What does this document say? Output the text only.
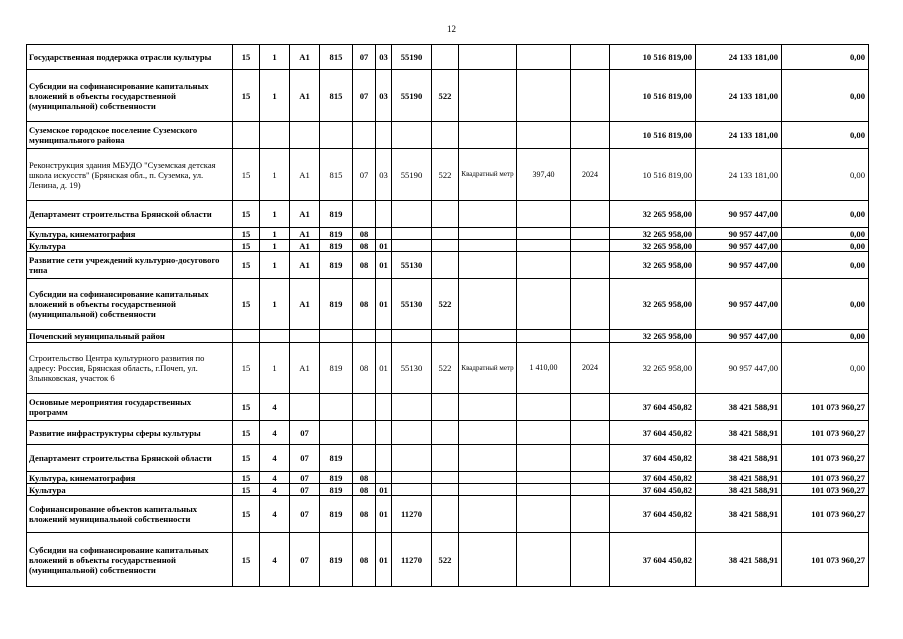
12
Государственная поддержка отрасли культуры	15	1	А1	815	07	03	55190					10 516 819,00	24 133 181,00	0,00
Субсидии на софинансирование капитальных вложений в объекты государственной (муниципальной) собственности	15	1	А1	815	07	03	55190	522				10 516 819,00	24 133 181,00	0,00
Суземское городское поселение Суземского муниципального района												10 516 819,00	24 133 181,00	0,00
Реконструкция здания МБУДО "Суземская детская школа искусств" (Брянская обл., п. Суземка, ул. Ленина, д. 19)	15	1	А1	815	07	03	55190	522	Квадратный метр	397,40	2024	10 516 819,00	24 133 181,00	0,00
Департамент строительства Брянской области	15	1	А1	819								32 265 958,00	90 957 447,00	0,00
Культура, кинематография	15	1	А1	819	08							32 265 958,00	90 957 447,00	0,00
Культура	15	1	А1	819	08	01						32 265 958,00	90 957 447,00	0,00
Развитие сети учреждений культурно-досугового типа	15	1	А1	819	08	01	55130					32 265 958,00	90 957 447,00	0,00
Субсидии на софинансирование капитальных вложений в объекты государственной (муниципальной) собственности	15	1	А1	819	08	01	55130	522				32 265 958,00	90 957 447,00	0,00
Почепский муниципальный район												32 265 958,00	90 957 447,00	0,00
Строительство Центра культурного развития по адресу: Россия, Брянская область, г.Почеп, ул. Злынковская, участок 6	15	1	А1	819	08	01	55130	522	Квадратный метр	1 410,00	2024	32 265 958,00	90 957 447,00	0,00
Основные мероприятия государственных программ	15	4										37 604 450,82	38 421 588,91	101 073 960,27
Развитие инфраструктуры сферы культуры	15	4	07									37 604 450,82	38 421 588,91	101 073 960,27
Департамент строительства Брянской области	15	4	07	819								37 604 450,82	38 421 588,91	101 073 960,27
Культура, кинематография	15	4	07	819	08							37 604 450,82	38 421 588,91	101 073 960,27
Культура	15	4	07	819	08	01						37 604 450,82	38 421 588,91	101 073 960,27
Софинансирование объектов капитальных вложений муниципальной собственности	15	4	07	819	08	01	11270					37 604 450,82	38 421 588,91	101 073 960,27
Субсидии на софинансирование капитальных вложений в объекты государственной (муниципальной) собственности	15	4	07	819	08	01	11270	522				37 604 450,82	38 421 588,91	101 073 960,27
